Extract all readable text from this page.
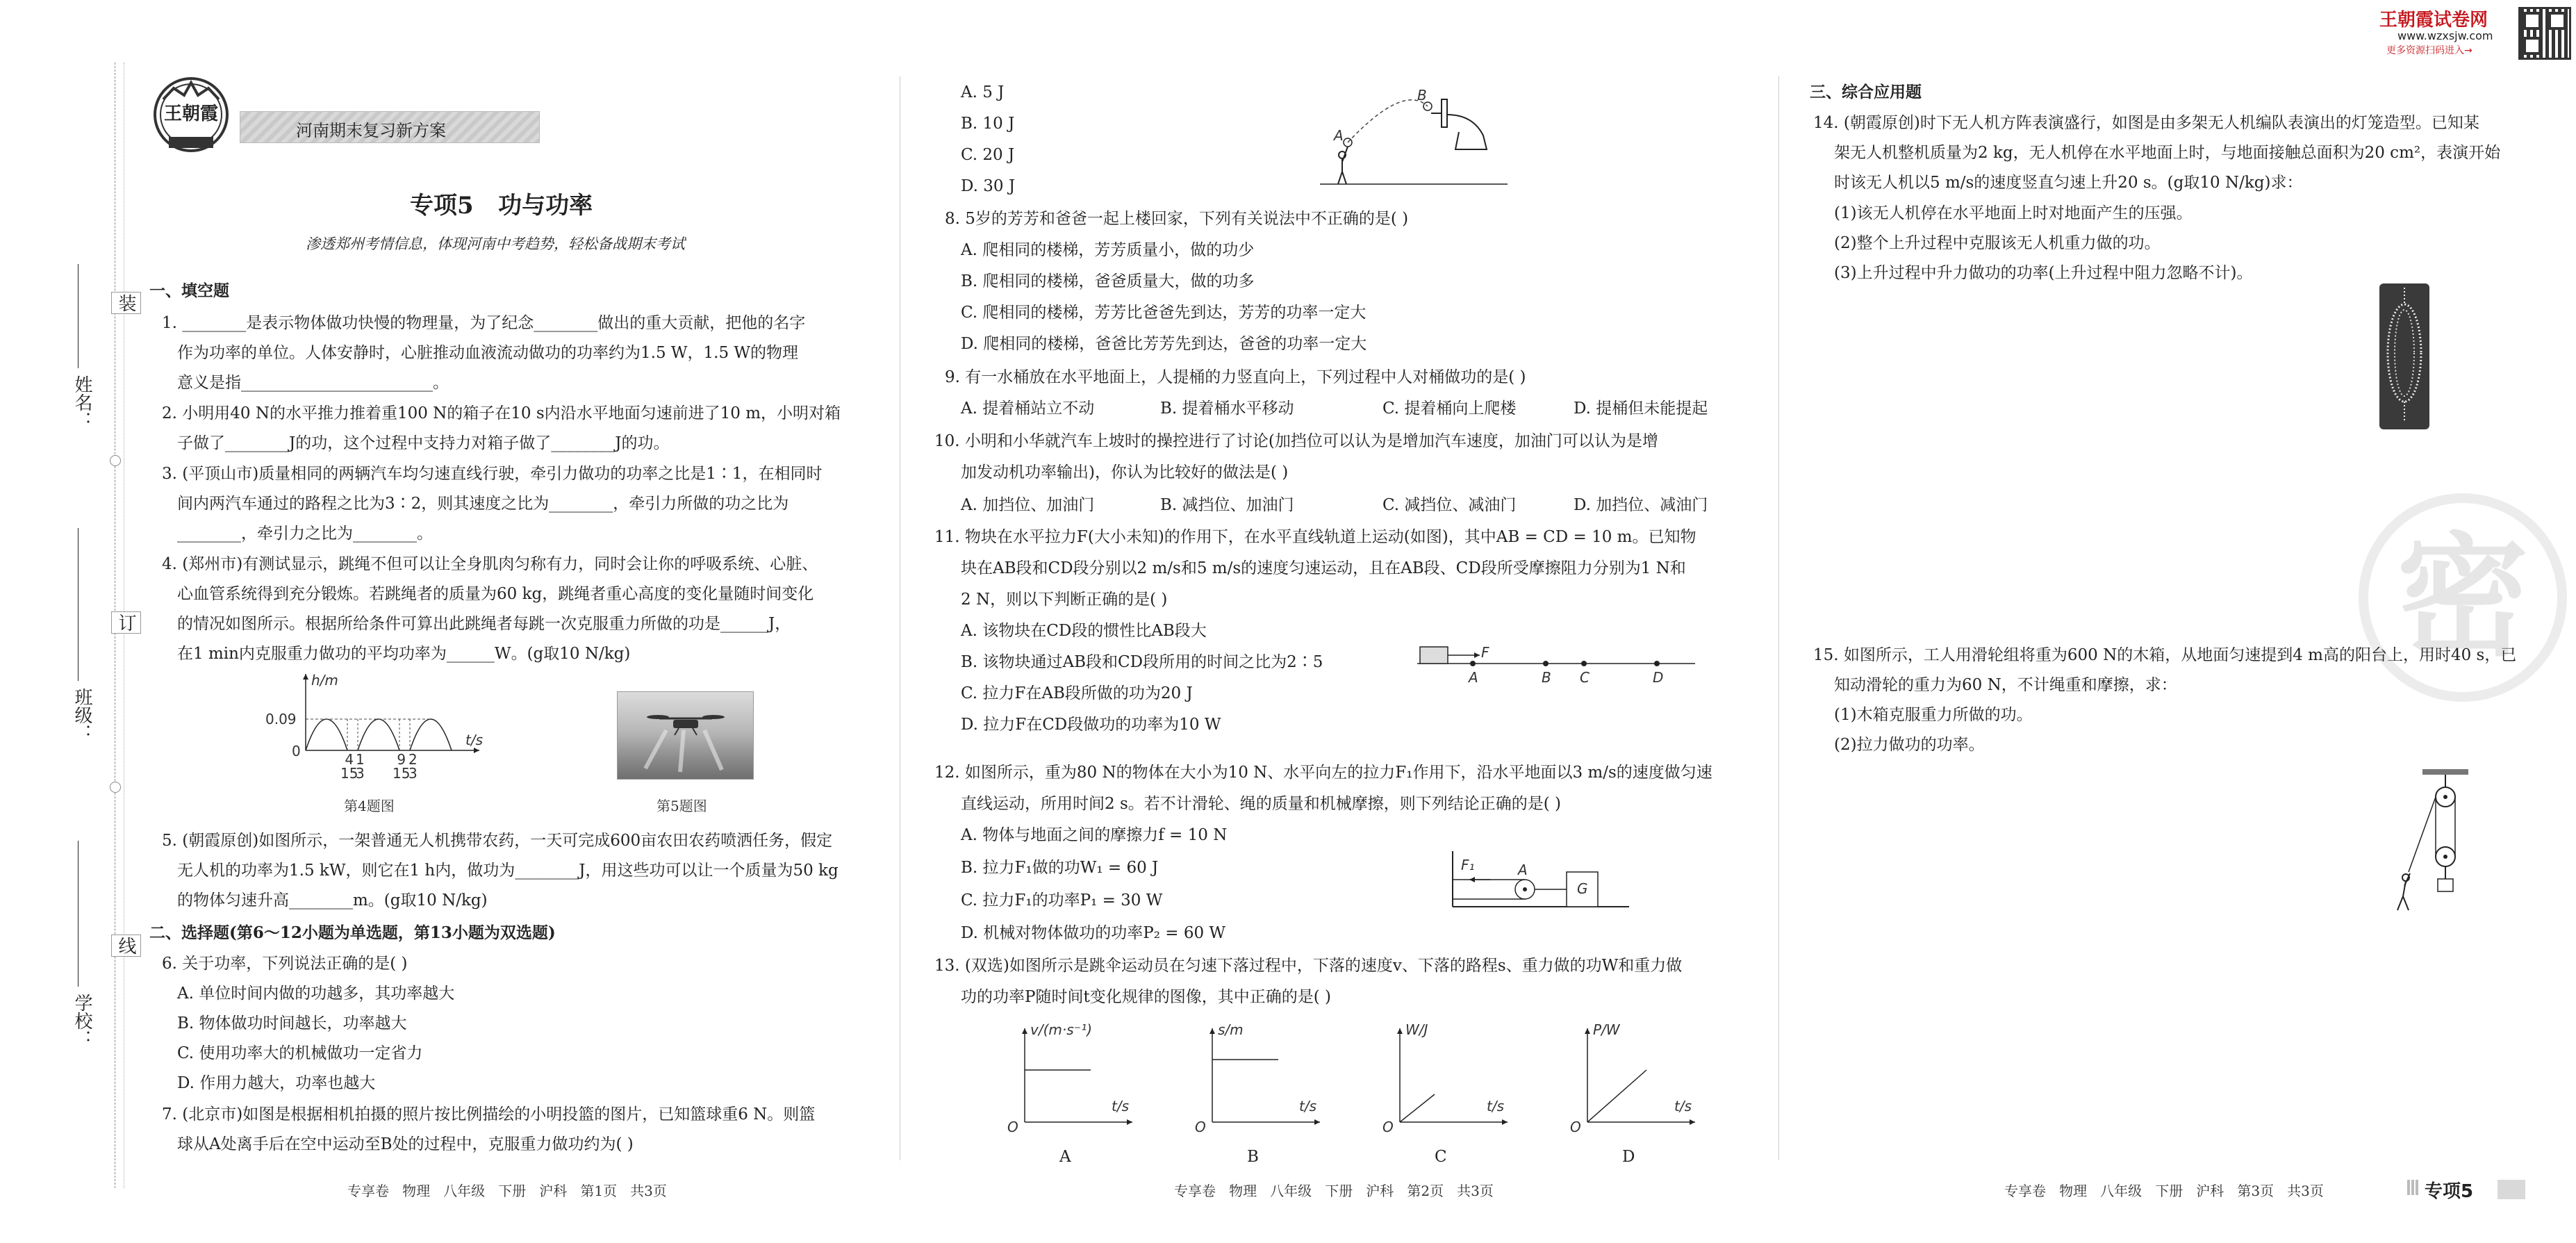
姓名：
班级：
学校：
装
订
线
王朝霞
河南期末复习新方案
专项5   功与功率
渗透郑州考情信息，体现河南中考趋势，轻松备战期末考试
一、填空题
1. ________是表示物体做功快慢的物理量，为了纪念________做出的重大贡献，把他的名字
作为功率的单位。人体安静时，心脏推动血液流动做功的功率约为1.5 W，1.5 W的物理
意义是指________________________。
2. 小明用40 N的水平推力推着重100 N的箱子在10 s内沿水平地面匀速前进了10 m，小明对箱
子做了________J的功，这个过程中支持力对箱子做了________J的功。
3. (平顶山市)质量相同的两辆汽车均匀速直线行驶，牵引力做功的功率之比是1∶1，在相同时
间内两汽车通过的路程之比为3∶2，则其速度之比为________，牵引力所做的功之比为
________，牵引力之比为________。
4. (郑州市)有测试显示，跳绳不但可以让全身肌肉匀称有力，同时会让你的呼吸系统、心脏、
心血管系统得到充分锻炼。若跳绳者的质量为60 kg，跳绳者重心高度的变化量随时间变化
的情况如图所示。根据所给条件可算出此跳绳者每跳一次克服重力所做的功是______J，
在1 min内克服重力做功的平均功率为______W。(g取10 N/kg)
h/m
t/s
0.09
0	4
15
1
3
9
15
2
3
第4题图	第5题图
5. (朝霞原创)如图所示，一架普通无人机携带农药，一天可完成600亩农田农药喷洒任务，假定
无人机的功率为1.5 kW，则它在1 h内，做功为________J，用这些功可以让一个质量为50 kg
的物体匀速升高________m。(g取10 N/kg)
二、选择题(第6～12小题为单选题，第13小题为双选题)
6. 关于功率，下列说法正确的是( )
A. 单位时间内做的功越多，其功率越大
B. 物体做功时间越长，功率越大
C. 使用功率大的机械做功一定省力
D. 作用力越大，功率也越大
7. (北京市)如图是根据相机拍摄的照片按比例描绘的小明投篮的图片，已知篮球重6 N。则篮
球从A处离手后在空中运动至B处的过程中，克服重力做功约为( )
专享卷   物理   八年级   下册   沪科   第1页   共3页
A. 5 J
B. 10 J
C. 20 J
D. 30 J
A
B
8. 5岁的芳芳和爸爸一起上楼回家，下列有关说法中不正确的是( )
A. 爬相同的楼梯，芳芳质量小，做的功少
B. 爬相同的楼梯，爸爸质量大，做的功多
C. 爬相同的楼梯，芳芳比爸爸先到达，芳芳的功率一定大
D. 爬相同的楼梯，爸爸比芳芳先到达，爸爸的功率一定大
9. 有一水桶放在水平地面上，人提桶的力竖直向上，下列过程中人对桶做功的是( )
A. 提着桶站立不动	B. 提着桶水平移动	C. 提着桶向上爬楼	D. 提桶但未能提起
10. 小明和小华就汽车上坡时的操控进行了讨论(加挡位可以认为是增加汽车速度，加油门可以认为是增
加发动机功率输出)，你认为比较好的做法是( )
A. 加挡位、加油门	B. 减挡位、加油门	C. 减挡位、减油门	D. 加挡位、减油门
11. 物块在水平拉力F(大小未知)的作用下，在水平直线轨道上运动(如图)，其中AB = CD = 10 m。已知物
块在AB段和CD段分别以2 m/s和5 m/s的速度匀速运动，且在AB段、CD段所受摩擦阻力分别为1 N和
2 N，则以下判断正确的是( )
A. 该物块在CD段的惯性比AB段大
B. 该物块通过AB段和CD段所用的时间之比为2∶5
C. 拉力F在AB段所做的功为20 J
D. 拉力F在CD段做功的功率为10 W
F
A	B C	D
12. 如图所示，重为80 N的物体在大小为10 N、水平向左的拉力F₁作用下，沿水平地面以3 m/s的速度做匀速
直线运动，所用时间2 s。若不计滑轮、绳的质量和机械摩擦，则下列结论正确的是( )
A. 物体与地面之间的摩擦力f = 10 N
B. 拉力F₁做的功W₁ = 60 J
C. 拉力F₁的功率P₁ = 30 W
D. 机械对物体做功的功率P₂ = 60 W
F₁	A
G
13. (双选)如图所示是跳伞运动员在匀速下落过程中，下落的速度v、下落的路程s、重力做的功W和重力做
功的功率P随时间t变化规律的图像，其中正确的是( )
v/(m·s⁻¹)
t/s
O
A
s/m
t/s
O
B
W/J
t/s
O
C
P/W
t/s
O
D
专享卷   物理   八年级   下册   沪科   第2页   共3页
王朝霞试卷网
www.wzxsjw.com
更多资源扫码进入→
三、综合应用题
14. (朝霞原创)时下无人机方阵表演盛行，如图是由多架无人机编队表演出的灯笼造型。已知某
架无人机整机质量为2 kg，无人机停在水平地面上时，与地面接触总面积为20 cm²，表演开始
时该无人机以5 m/s的速度竖直匀速上升20 s。(g取10 N/kg)求：
(1)该无人机停在水平地面上时对地面产生的压强。
(2)整个上升过程中克服该无人机重力做的功。
(3)上升过程中升力做功的功率(上升过程中阻力忽略不计)。
密
15. 如图所示，工人用滑轮组将重为600 N的木箱，从地面匀速提到4 m高的阳台上，用时40 s，已
知动滑轮的重力为60 N，不计绳重和摩擦，求：
(1)木箱克服重力所做的功。
(2)拉力做功的功率。
专享卷   物理   八年级   下册   沪科   第3页   共3页	专项5
